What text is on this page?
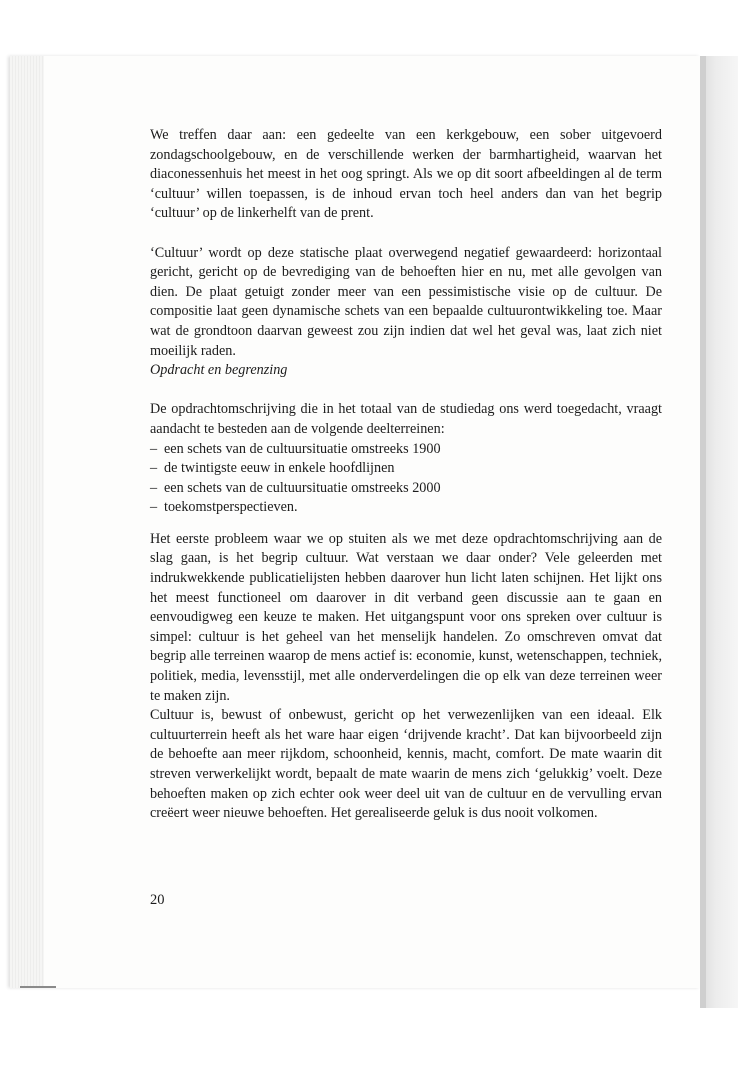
We treffen daar aan: een gedeelte van een kerkgebouw, een sober uitgevoerd zondagschoolgebouw, en de verschillende werken der barmhartigheid, waarvan het diaconessenhuis het meest in het oog springt. Als we op dit soort afbeeldingen al de term ‘cultuur’ willen toepassen, is de inhoud ervan toch heel anders dan van het begrip ‘cultuur’ op de linkerhelft van de prent.

‘Cultuur’ wordt op deze statische plaat overwegend negatief gewaardeerd: horizontaal gericht, gericht op de bevrediging van de behoeften hier en nu, met alle gevolgen van dien. De plaat getuigt zonder meer van een pessimistische visie op de cultuur. De compositie laat geen dynamische schets van een bepaalde cultuurontwikkeling toe. Maar wat de grondtoon daarvan geweest zou zijn indien dat wel het geval was, laat zich niet moeilijk raden.

Opdracht en begrenzing

De opdrachtomschrijving die in het totaal van de studiedag ons werd toegedacht, vraagt aandacht te besteden aan de volgende deelterreinen:

– een schets van de cultuursituatie omstreeks 1900
– de twintigste eeuw in enkele hoofdlijnen
– een schets van de cultuursituatie omstreeks 2000
– toekomstperspectieven.

Het eerste probleem waar we op stuiten als we met deze opdrachtomschrijving aan de slag gaan, is het begrip cultuur. Wat verstaan we daar onder? Vele geleerden met indrukwekkende publicatielijsten hebben daarover hun licht laten schijnen. Het lijkt ons het meest functioneel om daarover in dit verband geen discussie aan te gaan en eenvoudigweg een keuze te maken. Het uitgangspunt voor ons spreken over cultuur is simpel: cultuur is het geheel van het menselijk handelen. Zo omschreven omvat dat begrip alle terreinen waarop de mens actief is: economie, kunst, wetenschappen, techniek, politiek, media, levensstijl, met alle onderverdelingen die op elk van deze terreinen weer te maken zijn.

Cultuur is, bewust of onbewust, gericht op het verwezenlijken van een ideaal. Elk cultuurterrein heeft als het ware haar eigen ‘drijvende kracht’. Dat kan bijvoorbeeld zijn de behoefte aan meer rijkdom, schoonheid, kennis, macht, comfort. De mate waarin dit streven verwerkelijkt wordt, bepaalt de mate waarin de mens zich ‘gelukkig’ voelt. Deze behoeften maken op zich echter ook weer deel uit van de cultuur en de vervulling ervan creëert weer nieuwe behoeften. Het gerealiseerde geluk is dus nooit volkomen.

20
